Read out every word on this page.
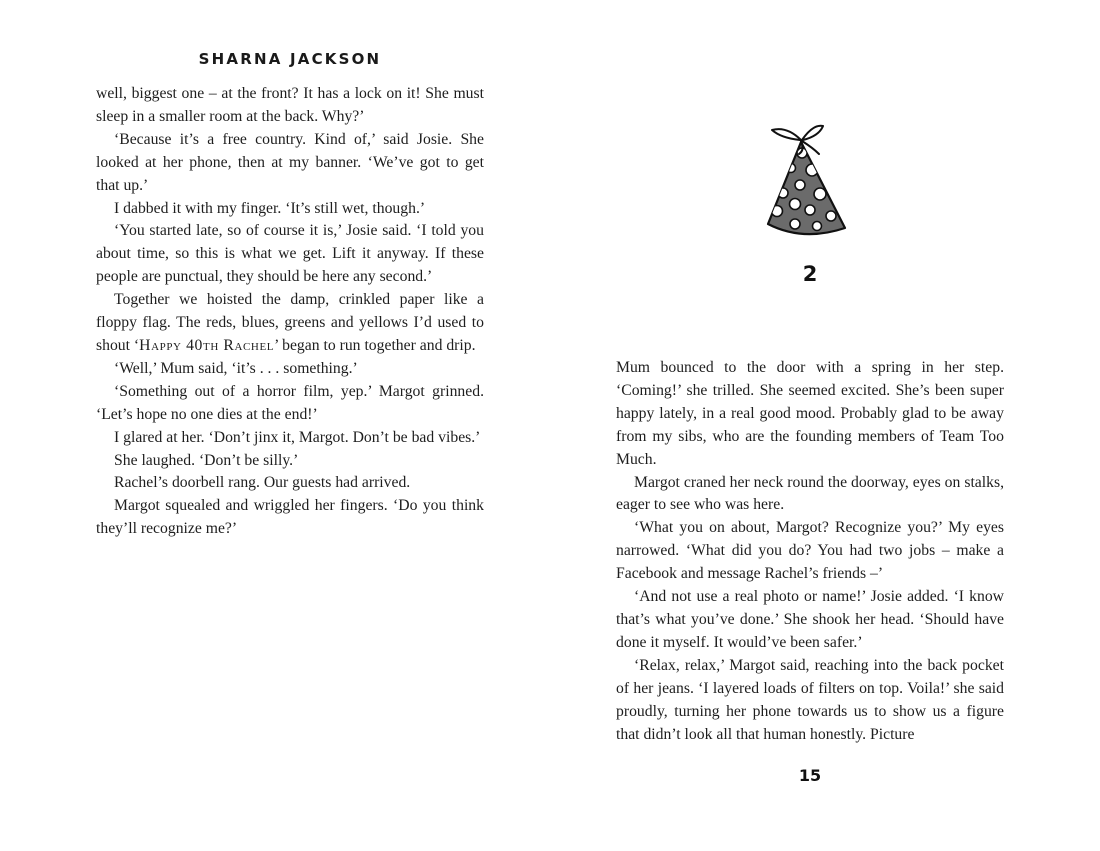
SHARNA JACKSON

well, biggest one – at the front? It has a lock on it! She must sleep in a smaller room at the back. Why?’

‘Because it’s a free country. Kind of,’ said Josie. She looked at her phone, then at my banner. ‘We’ve got to get that up.’

I dabbed it with my finger. ‘It’s still wet, though.’

‘You started late, so of course it is,’ Josie said. ‘I told you about time, so this is what we get. Lift it anyway. If these people are punctual, they should be here any second.’

Together we hoisted the damp, crinkled paper like a floppy flag. The reds, blues, greens and yellows I’d used to shout ‘Happy 40th Rachel’ began to run together and drip.

‘Well,’ Mum said, ‘it’s . . . something.’

‘Something out of a horror film, yep.’ Margot grinned. ‘Let’s hope no one dies at the end!’

I glared at her. ‘Don’t jinx it, Margot. Don’t be bad vibes.’

She laughed. ‘Don’t be silly.’

Rachel’s doorbell rang. Our guests had arrived.

Margot squealed and wriggled her fingers. ‘Do you think they’ll recognize me?’

2

Mum bounced to the door with a spring in her step. ‘Coming!’ she trilled. She seemed excited. She’s been super happy lately, in a real good mood. Probably glad to be away from my sibs, who are the founding members of Team Too Much.

Margot craned her neck round the doorway, eyes on stalks, eager to see who was here.

‘What you on about, Margot? Recognize you?’ My eyes narrowed. ‘What did you do? You had two jobs – make a Facebook and message Rachel’s friends –’

‘And not use a real photo or name!’ Josie added. ‘I know that’s what you’ve done.’ She shook her head. ‘Should have done it myself. It would’ve been safer.’

‘Relax, relax,’ Margot said, reaching into the back pocket of her jeans. ‘I layered loads of filters on top. Voila!’ she said proudly, turning her phone towards us to show us a figure that didn’t look all that human honestly. Picture

15
